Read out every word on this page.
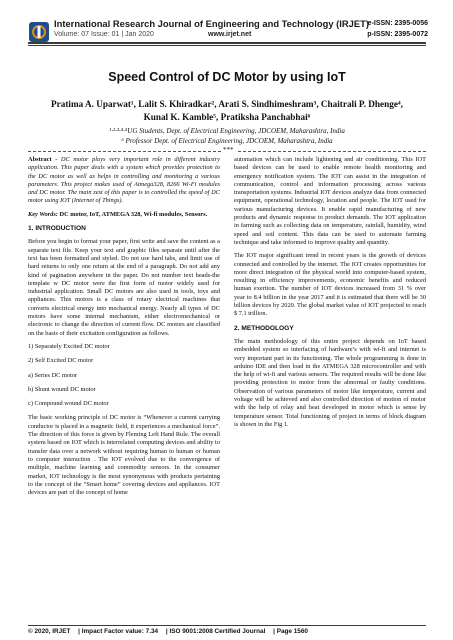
International Research Journal of Engineering and Technology (IRJET)
Volume: 07 Issue: 01 | Jan 2020	www.irjet.net
e-ISSN: 2395-0056
p-ISSN: 2395-0072
Speed Control of DC Motor by using IoT
Pratima A. Uparwat¹, Lalit S. Khiradkar², Arati S. Sindhimeshram³, Chaitrali P. Dhenge⁴,
Kunal K. Kamble⁵, Pratiksha Panchabhai⁶
¹·²·³·⁴·⁵UG Students, Dept. of Electrical Engineering, JDCOEM, Maharashtra, India
⁶ Professor Dept. of Electrical Engineering, JDCOEM, Maharashtra, India
***

Abstract - DC motor plays very important role in different industry application. This paper deals with a system which provides protection to the DC motor as well as helps in controlling and monitoring a various parameters. This project makes used of Atmega328, 8266 Wi-Fi modules and DC motor. The main zest of this paper is to controlled the speed of DC motor using IOT (Internet of Things).

Key Words: DC motor, IoT, ATMEGA 328, Wi-fi modules, Sensors.

1. INTRODUCTION

Before you begin to format your paper, first write and save the content as a separate text file. Keep your text and graphic files separate until after the text has been formatted and styled. Do not use hard tabs, and limit use of hard returns to only one return at the end of a paragraph. Do not add any kind of pagination anywhere in the paper. Do not number text heads-the template w DC motor were the first form of motor widely used for industrial application. Small DC motors are also used in tools, toys and appliances. This motors is a class of rotary electrical machines that converts electrical energy into mechanical energy. Nearly all types of DC motors have some internal mechanism, either electromechanical or electronic to change the direction of current flow. DC motors are classified on the basis of their excitation configuration as follows.

1) Separately Excited DC motor
2) Self Excited DC motor
a) Series DC motor
b) Shunt wound DC motor
c) Compound wound DC motor

The basic working principle of DC motor is “Whenever a current carrying conductor is placed in a magnetic field, it experiences a mechanical force”. The direction of this force is given by Fleming Left Hand Rule. The overall system based on IOT which is interrelated computing devices and ability to transfer data over a network without requiring human to human or human to computer interaction . The IOT evolved due to the convergence of multiple, machine learning and commodity sensors. In the consumer market, IOT technology is the most synonymous with products pertaining to the concept of the “Smart home” covering devices and appliances. IOT devices are part of the concept of home

automation which can include lightening and air conditioning. This IOT based devices can be used to enable remote health monitoring and emergency notification system. The IOT can assist in the integration of communication, control and information processing across various transportation systems. Industrial IOT devices analyze data from connected equipment, operational technology, location and people. The IOT used for various manufacturing devices. It enable rapid manufacturing of new products and dynamic response to product demands. The IOT application in farming such as collecting data on temperature, rainfall, humidity, wind speed and soil content. This data can be used to automate farming technique and take informed to improve quality and quantity.

The IOT major significant trend in recent years is the growth of devices connected and controlled by the internet. The IOT creates opportunities for more direct integration of the physical world into computer-based system, resulting in efficiency improvements, economic benefits and reduced human exertion. The number of IOT devices increased from 31 % over year to 8.4 billion in the year 2017 and it is estimated that there will be 30 billion devices by 2020. The global market value of IOT projected to reach $ 7.1 trillion.

2. METHODOLOGY

The main methodology of this entire project depends on IoT based embedded system so interfacing of hardware’s with wi-fi and internet is very important part in its functioning. The whole programming is done in arduino IDE and then load in the ATMEGA 328 microcontroller and with the help of wi-fi and various sensors. The required results will be done like providing protection to motor from the abnormal or faulty conditions. Observation of various parameters of motor like temperature, current and voltage will be achieved and also controlled direction of motion of motor with the help of relay and heat developed in motor which is sense by temperature sensor. Total functioning of project in terms of block diagram is shown in the Fig 1.

© 2020, IRJET | Impact Factor value: 7.34 | ISO 9001:2008 Certified Journal | Page 1560
